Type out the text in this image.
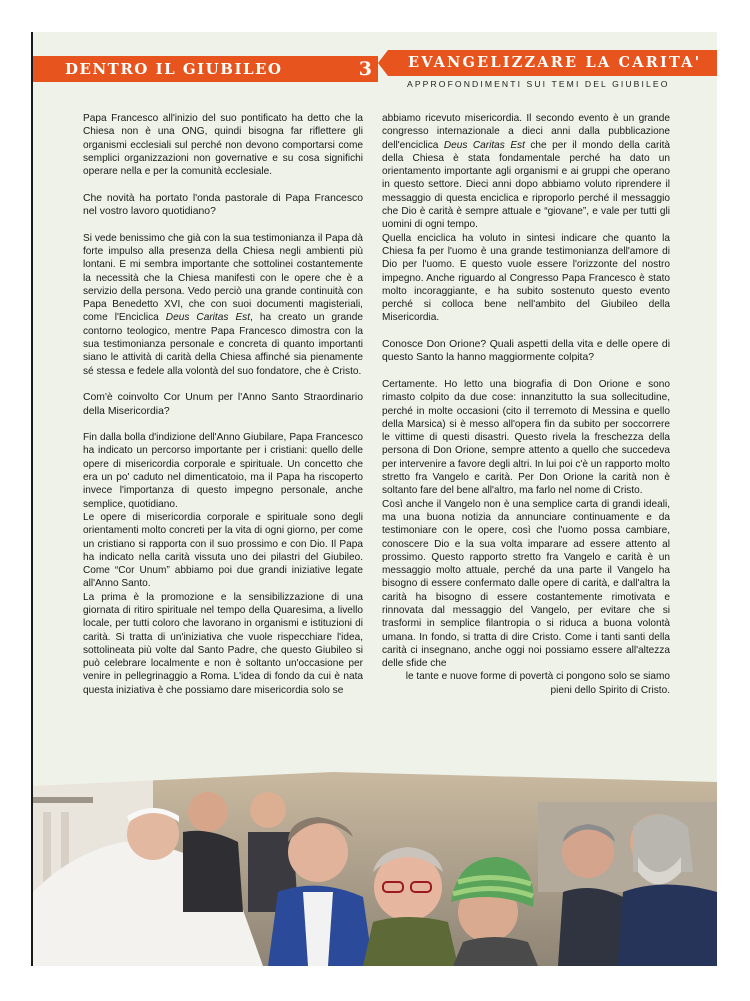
DENTRO IL GIUBILEO	3 EVANGELIZZARE LA CARITA'
APPROFONDIMENTI SUI TEMI DEL GIUBILEO

Papa Francesco all'inizio del suo pontificato ha detto che la Chiesa non è una ONG, quindi bisogna far riflettere gli organismi ecclesiali sul perché non devono comportarsi come semplici organizzazioni non governative e su cosa significhi operare nella e per la comunità ecclesiale.

Che novità ha portato l'onda pastorale di Papa Francesco nel vostro lavoro quotidiano?

Si vede benissimo che già con la sua testimonianza il Papa dà forte impulso alla presenza della Chiesa negli ambienti più lontani. E mi sembra importante che sottolinei costantemente la necessità che la Chiesa manifesti con le opere che è a servizio della persona. Vedo perciò una grande continuità con Papa Benedetto XVI, che con suoi documenti magisteriali, come l'Enciclica Deus Caritas Est, ha creato un grande contorno teologico, mentre Papa Francesco dimostra con la sua testimonianza personale e concreta di quanto importanti siano le attività di carità della Chiesa affinché sia pienamente sé stessa e fedele alla volontà del suo fondatore, che è Cristo.

Com'è coinvolto Cor Unum per l'Anno Santo Straordinario della Misericordia?

Fin dalla bolla d'indizione dell'Anno Giubilare, Papa Francesco ha indicato un percorso importante per i cristiani: quello delle opere di misericordia corporale e spirituale. Un concetto che era un po' caduto nel dimenticatoio, ma il Papa ha riscoperto invece l'importanza di questo impegno personale, anche semplice, quotidiano.

Le opere di misericordia corporale e spirituale sono degli orientamenti molto concreti per la vita di ogni giorno, per come un cristiano si rapporta con il suo prossimo e con Dio. Il Papa ha indicato nella carità vissuta uno dei pilastri del Giubileo. Come “Cor Unum” abbiamo poi due grandi iniziative legate all'Anno Santo.

La prima è la promozione e la sensibilizzazione di una giornata di ritiro spirituale nel tempo della Quaresima, a livello locale, per tutti coloro che lavorano in organismi e istituzioni di carità. Si tratta di un'iniziativa che vuole rispecchiare l'idea, sottolineata più volte dal Santo Padre, che questo Giubileo si può celebrare localmente e non è soltanto un'occasione per venire in pellegrinaggio a Roma. L'idea di fondo da cui è nata questa iniziativa è che possiamo dare misericordia solo se

abbiamo ricevuto misericordia. Il secondo evento è un grande congresso internazionale a dieci anni dalla pubblicazione dell'enciclica Deus Caritas Est che per il mondo della carità della Chiesa è stata fondamentale perché ha dato un orientamento importante agli organismi e ai gruppi che operano in questo settore. Dieci anni dopo abbiamo voluto riprendere il messaggio di questa enciclica e riproporlo perché il messaggio che Dio è carità è sempre attuale e “giovane”, e vale per tutti gli uomini di ogni tempo.

Quella enciclica ha voluto in sintesi indicare che quanto la Chiesa fa per l'uomo è una grande testimonianza dell'amore di Dio per l'uomo. E questo vuole essere l'orizzonte del nostro impegno. Anche riguardo al Congresso Papa Francesco è stato molto incoraggiante, e ha subito sostenuto questo evento perché si colloca bene nell'ambito del Giubileo della Misericordia.

Conosce Don Orione? Quali aspetti della vita e delle opere di questo Santo la hanno maggiormente colpita?

Certamente. Ho letto una biografia di Don Orione e sono rimasto colpito da due cose: innanzitutto la sua sollecitudine, perché in molte occasioni (cito il terremoto di Messina e quello della Marsica) si è messo all'opera fin da subito per soccorrere le vittime di questi disastri. Questo rivela la freschezza della persona di Don Orione, sempre attento a quello che succedeva per intervenire a favore degli altri. In lui poi c'è un rapporto molto stretto fra Vangelo e carità. Per Don Orione la carità non è soltanto fare del bene all'altro, ma farlo nel nome di Cristo.

Così anche il Vangelo non è una semplice carta di grandi ideali, ma una buona notizia da annunciare continuamente e da testimoniare con le opere, così che l'uomo possa cambiare, conoscere Dio e la sua volta imparare ad essere attento al prossimo. Questo rapporto stretto fra Vangelo e carità è un messaggio molto attuale, perché da una parte il Vangelo ha bisogno di essere confermato dalle opere di carità, e dall'altra la carità ha bisogno di essere costantemente rimotivata e rinnovata dal messaggio del Vangelo, per evitare che si trasformi in semplice filantropia o si riduca a buona volontà umana. In fondo, si tratta di dire Cristo. Come i tanti santi della carità ci insegnano, anche oggi noi possiamo essere all'altezza delle sfide che

le tante e nuove forme di povertà ci pongono solo se siamo pieni dello Spirito di Cristo.
